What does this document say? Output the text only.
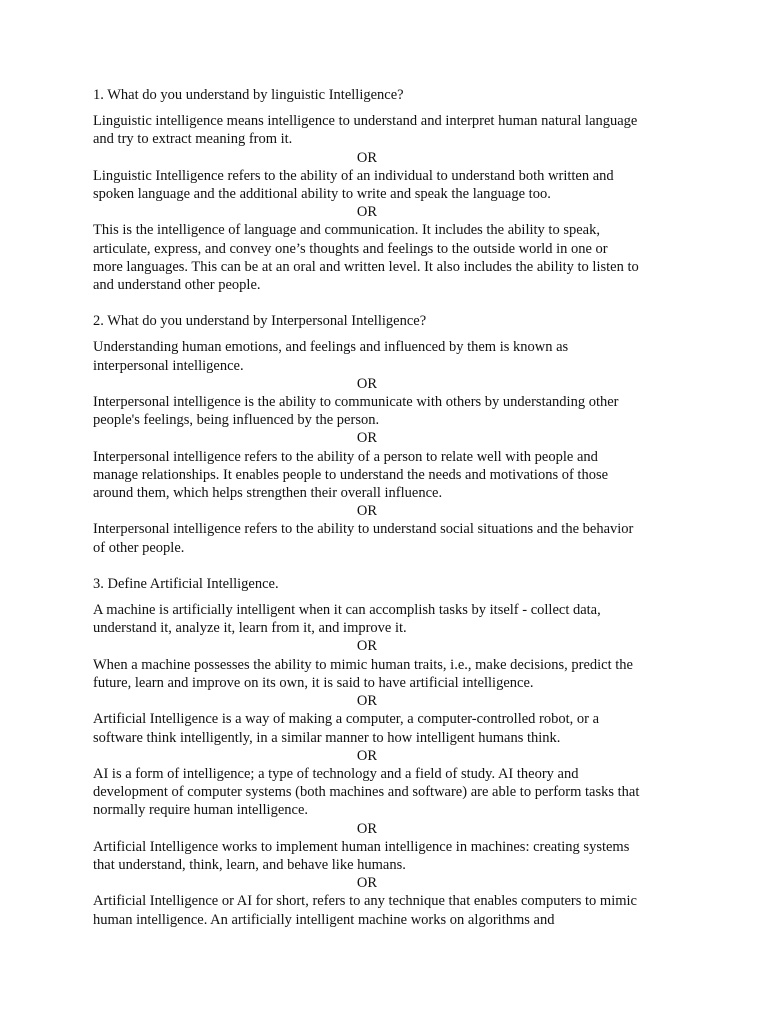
1. What do you understand by linguistic Intelligence?

Linguistic intelligence means intelligence to understand and interpret human natural language and try to extract meaning from it.

OR

Linguistic Intelligence refers to the ability of an individual to understand both written and spoken language and the additional ability to write and speak the language too.

OR

This is the intelligence of language and communication. It includes the ability to speak, articulate, express, and convey one’s thoughts and feelings to the outside world in one or more languages. This can be at an oral and written level. It also includes the ability to listen to and understand other people.

2. What do you understand by Interpersonal Intelligence?

Understanding human emotions, and feelings and influenced by them is known as interpersonal intelligence.

OR

Interpersonal intelligence is the ability to communicate with others by understanding other people's feelings, being influenced by the person.

OR

Interpersonal intelligence refers to the ability of a person to relate well with people and manage relationships. It enables people to understand the needs and motivations of those around them, which helps strengthen their overall influence.

OR

Interpersonal intelligence refers to the ability to understand social situations and the behavior of other people.

3. Define Artificial Intelligence.

A machine is artificially intelligent when it can accomplish tasks by itself - collect data, understand it, analyze it, learn from it, and improve it.

OR

When a machine possesses the ability to mimic human traits, i.e., make decisions, predict the future, learn and improve on its own, it is said to have artificial intelligence.

OR

Artificial Intelligence is a way of making a computer, a computer-controlled robot, or a software think intelligently, in a similar manner to how intelligent humans think.

OR

AI is a form of intelligence; a type of technology and a field of study. AI theory and development of computer systems (both machines and software) are able to perform tasks that normally require human intelligence.

OR

Artificial Intelligence works to implement human intelligence in machines: creating systems that understand, think, learn, and behave like humans.

OR

Artificial Intelligence or AI for short, refers to any technique that enables computers to mimic human intelligence. An artificially intelligent machine works on algorithms and
